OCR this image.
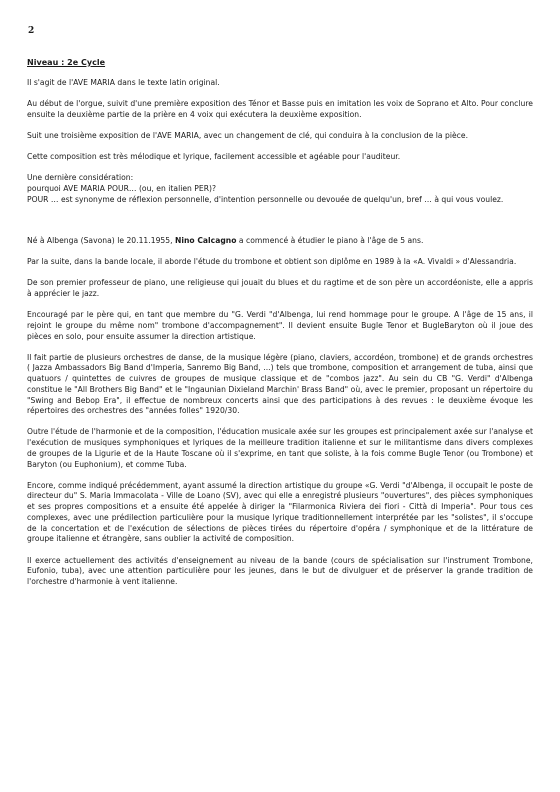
2
Niveau : 2e Cycle

Il s'agit de l'AVE MARIA dans le texte latin original.

Au début de l'orgue, suivit d'une première exposition des Ténor et Basse puis en imitation les voix de Soprano et Alto. Pour conclure ensuite la deuxième partie de la prière en 4 voix qui exécutera la deuxième exposition.

Suit une troisième exposition de l'AVE MARIA, avec un changement de clé, qui conduira à la conclusion de la pièce.

Cette composition est très mélodique et lyrique, facilement accessible et agéable pour l'auditeur.

Une dernière considération:
pourquoi AVE MARIA POUR… (ou, en italien PER)?
POUR … est synonyme de réflexion personnelle, d'intention personnelle ou devouée de quelqu'un, bref … à qui vous voulez.

Né à Albenga (Savona) le 20.11.1955, Nino Calcagno a commencé à étudier le piano à l'âge de 5 ans.

Par la suite, dans la bande locale, il aborde l'étude du trombone et obtient son diplôme en 1989 à la «A. Vivaldi » d'Alessandria.

De son premier professeur de piano, une religieuse qui jouait du blues et du ragtime et de son père un accordéoniste, elle a appris à apprécier le jazz.

Encouragé par le père qui, en tant que membre du "G. Verdi "d'Albenga, lui rend hommage pour le groupe. A l'âge de 15 ans, il rejoint le groupe du même nom" trombone d'accompagnement". Il devient ensuite Bugle Tenor et BugleBaryton où il joue des pièces en solo, pour ensuite assumer la direction artistique.

Il fait partie de plusieurs orchestres de danse, de la musique légère (piano, claviers, accordéon, trombone) et de grands orchestres ( Jazza Ambassadors Big Band d'Imperia, Sanremo Big Band, ...) tels que trombone, composition et arrangement de tuba, ainsi que quatuors / quintettes de cuivres de groupes de musique classique et de "combos jazz". Au sein du CB "G. Verdi" d'Albenga constitue le "All Brothers Big Band" et le "Ingaunian Dixieland Marchin' Brass Band" où, avec le premier, proposant un répertoire du "Swing and Bebop Era", il effectue de nombreux concerts ainsi que des participations à des revues : le deuxième évoque les répertoires des orchestres des "années folles" 1920/30.

Outre l'étude de l'harmonie et de la composition, l'éducation musicale axée sur les groupes est principalement axée sur l'analyse et l'exécution de musiques symphoniques et lyriques de la meilleure tradition italienne et sur le militantisme dans divers complexes de groupes de la Ligurie et de la Haute Toscane où il s'exprime, en tant que soliste, à la fois comme Bugle Tenor (ou Trombone) et Baryton (ou Euphonium), et comme Tuba.

Encore, comme indiqué précédemment, ayant assumé la direction artistique du groupe «G. Verdi "d'Albenga, il occupait le poste de directeur du" S. Maria Immacolata - Ville de Loano (SV), avec qui elle a enregistré plusieurs "ouvertures", des pièces symphoniques et ses propres compositions et a ensuite été appelée à diriger la "Filarmonica Riviera dei fiori - Città di Imperia". Pour tous ces complexes, avec une prédilection particulière pour la musique lyrique traditionnellement interprétée par les "solistes", il s'occupe de la concertation et de l'exécution de sélections de pièces tirées du répertoire d'opéra / symphonique et de la littérature de groupe italienne et étrangère, sans oublier la activité de composition.

Il exerce actuellement des activités d'enseignement au niveau de la bande (cours de spécialisation sur l'instrument Trombone, Eufonio, tuba), avec une attention particulière pour les jeunes, dans le but de divulguer et de préserver la grande tradition de l'orchestre d'harmonie à vent italienne.
